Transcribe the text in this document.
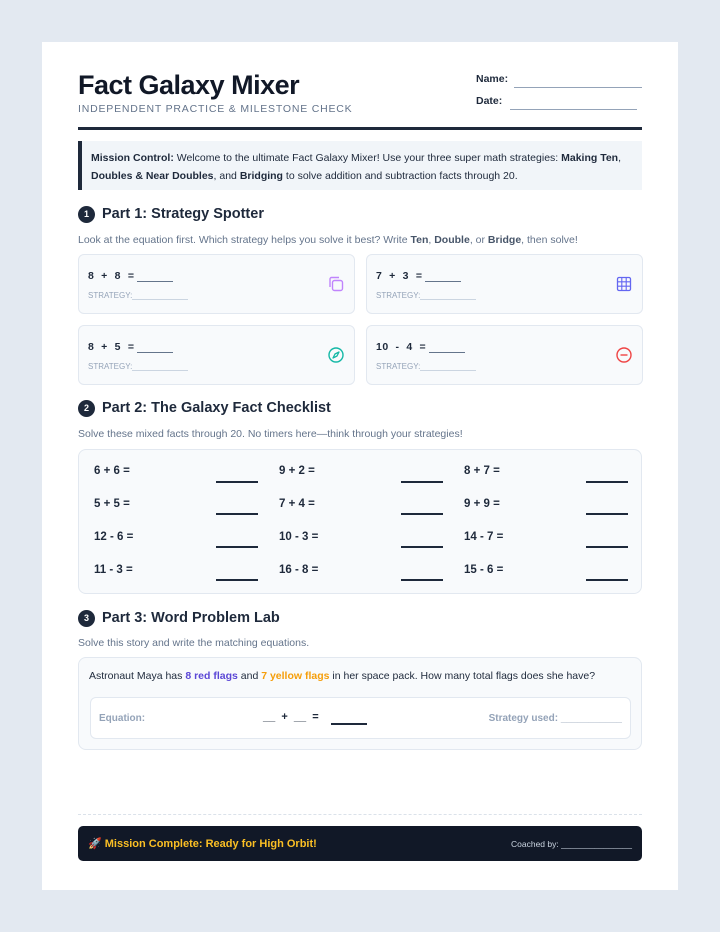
Fact Galaxy Mixer
INDEPENDENT PRACTICE & MILESTONE CHECK
Name:
Date:
Mission Control: Welcome to the ultimate Fact Galaxy Mixer! Use your three super math strategies: Making Ten, Doubles & Near Doubles, and Bridging to solve addition and subtraction facts through 20.
1 Part 1: Strategy Spotter
Look at the equation first. Which strategy helps you solve it best? Write Ten, Double, or Bridge, then solve!
8  +  8  =
STRATEGY:
7  +  3  =
STRATEGY:
8  +  5  =
STRATEGY:
10  -  4  =
STRATEGY:
2 Part 2: The Galaxy Fact Checklist
Solve these mixed facts through 20. No timers here—think through your strategies!
6 + 6 =	9 + 2 =	8 + 7 =
5 + 5 =	7 + 4 =	9 + 9 =
12 - 6 =	10 - 3 =	14 - 7 =
11 - 3 =	16 - 8 =	15 - 6 =
3 Part 3: Word Problem Lab
Solve this story and write the matching equations.
Astronaut Maya has 8 red flags and 7 yellow flags in her space pack. How many total flags does she have?
Equation:	__  +  __  =	Strategy used: ___________
🚀 Mission Complete: Ready for High Orbit!	Coached by: _______________
